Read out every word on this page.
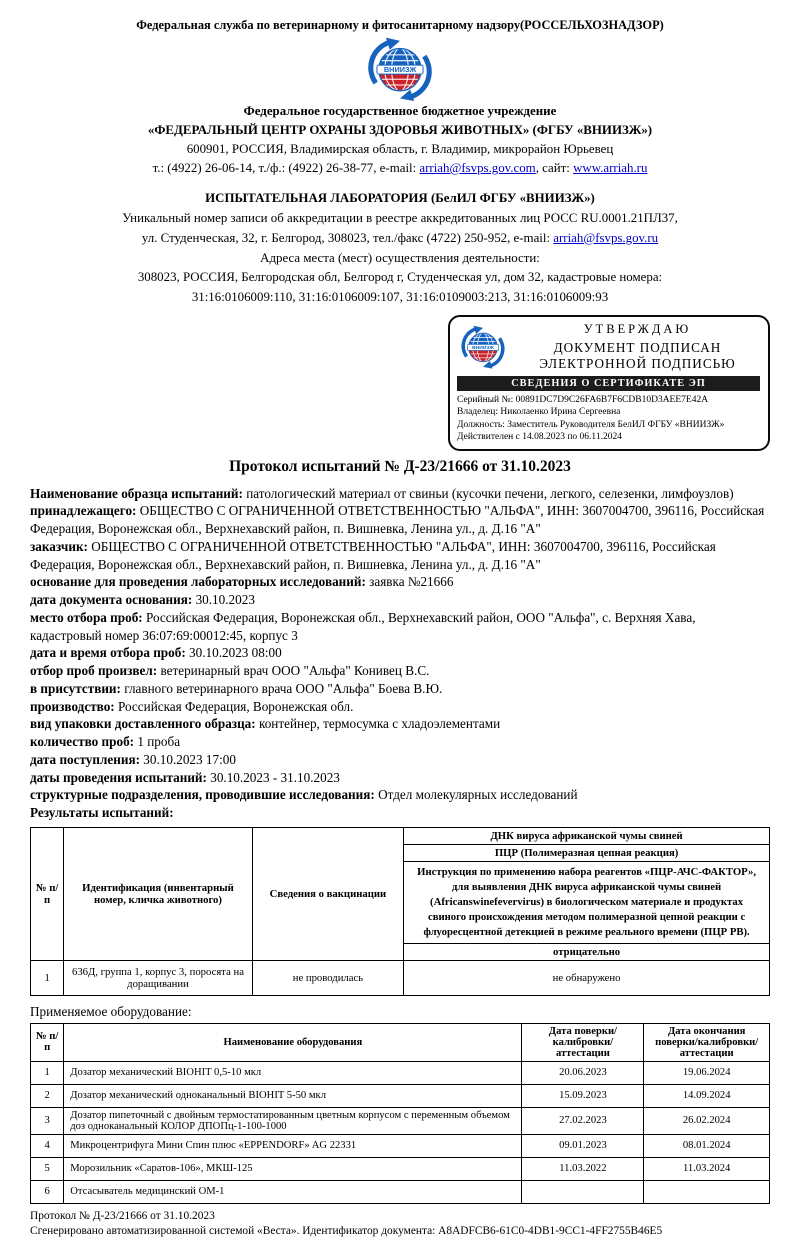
Федеральная служба по ветеринарному и фитосанитарному надзору(РОССЕЛЬХОЗНАДЗОР)
ВНИИЗЖ
Федеральное государственное бюджетное учреждение
«ФЕДЕРАЛЬНЫЙ ЦЕНТР ОХРАНЫ ЗДОРОВЬЯ ЖИВОТНЫХ» (ФГБУ «ВНИИЗЖ»)
600901, РОССИЯ, Владимирская область, г. Владимир, микрорайон Юрьевец
т.: (4922) 26-06-14, т./ф.: (4922) 26-38-77, e-mail: arriah@fsvps.gov.com, сайт: www.arriah.ru
ИСПЫТАТЕЛЬНАЯ ЛАБОРАТОРИЯ (БелИЛ ФГБУ «ВНИИЗЖ»)
Уникальный номер записи об аккредитации в реестре аккредитованных лиц РОСС RU.0001.21ПЛ37,
ул. Студенческая, 32, г. Белгород, 308023, тел./факс (4722) 250-952, e-mail: arriah@fsvps.gov.ru
Адреса места (мест) осуществления деятельности:
308023, РОССИЯ, Белгородская обл, Белгород г, Студенческая ул, дом 32, кадастровые номера:
31:16:0106009:110, 31:16:0106009:107, 31:16:0109003:213, 31:16:0106009:93
ВНИИЗЖ
УТВЕРЖДАЮ
ДОКУМЕНТ ПОДПИСАН
ЭЛЕКТРОННОЙ ПОДПИСЬЮ
СВЕДЕНИЯ О СЕРТИФИКАТЕ ЭП
Серийный №: 00891DC7D9C26FA6B7F6CDB10D3AEE7E42A
Владелец: Николаенко Ирина Сергеевна
Должность: Заместитель Руководителя БелИЛ ФГБУ «ВНИИЗЖ»
Действителен с 14.08.2023 по 06.11.2024
Протокол испытаний № Д-23/21666 от 31.10.2023

Наименование образца испытаний: патологический материал от свиньи (кусочки печени, легкого, селезенки, лимфоузлов)

принадлежащего: ОБЩЕСТВО С ОГРАНИЧЕННОЙ ОТВЕТСТВЕННОСТЬЮ "АЛЬФА", ИНН: 3607004700, 396116, Российская Федерация, Воронежская обл., Верхнехавский район, п. Вишневка, Ленина ул., д. Д.16 "А"

заказчик: ОБЩЕСТВО С ОГРАНИЧЕННОЙ ОТВЕТСТВЕННОСТЬЮ "АЛЬФА", ИНН: 3607004700, 396116, Российская Федерация, Воронежская обл., Верхнехавский район, п. Вишневка, Ленина ул., д. Д.16 "А"

основание для проведения лабораторных исследований: заявка №21666

дата документа основания: 30.10.2023

место отбора проб: Российская Федерация, Воронежская обл., Верхнехавский район, ООО "Альфа", с. Верхняя Хава, кадастровый номер 36:07:69:00012:45, корпус 3

дата и время отбора проб: 30.10.2023 08:00

отбор проб произвел: ветеринарный врач ООО "Альфа" Конивец В.С.

в присутствии: главного ветеринарного врача ООО "Альфа" Боева В.Ю.

производство: Российская Федерация, Воронежская обл.

вид упаковки доставленного образца: контейнер, термосумка с хладоэлементами

количество проб: 1 проба

дата поступления: 30.10.2023 17:00

даты проведения испытаний: 30.10.2023 - 31.10.2023

структурные подразделения, проводившие исследования: Отдел молекулярных исследований

Результаты испытаний:

№ п/п	Идентификация (инвентарный номер, кличка животного)	Сведения о вакцинации	ДНК вируса африканской чумы свиней
			ПЦР (Полимеразная цепная реакция)
			Инструкция по применению набора реагентов «ПЦР-АЧС-ФАКТОР», для выявления ДНК вируса африканской чумы свиней (Africanswinefevervirus) в биологическом материале и продуктах свиного происхождения методом полимеразной цепной реакции с флуоресцентной детекцией в режиме реального времени (ПЦР РВ).
			отрицательно
1	636Д, группа 1, корпус 3, поросята на доращивании	не проводилась	не обнаружено
Применяемое оборудование:
№ п/п	Наименование оборудования	Дата поверки/калибровки/аттестации	Дата окончания поверки/калибровки/аттестации
1	Дозатор механический BIOHIT 0,5-10 мкл	20.06.2023	19.06.2024
2	Дозатор механический одноканальный BIOHIT 5-50 мкл	15.09.2023	14.09.2024
3	Дозатор пипеточный с двойным термостатированным цветным корпусом с переменным объемом доз одноканальный КОЛОР ДПОПц-1-100-1000	27.02.2023	26.02.2024
4	Микроцентрифуга Мини Спин плюс «EPPENDORF» AG 22331	09.01.2023	08.01.2024
5	Морозильник «Саратов-106», МКШ-125	11.03.2022	11.03.2024
6	Отсасыватель медицинский ОМ-1		

Протокол № Д-23/21666 от 31.10.2023

Сгенерировано автоматизированной системой «Веста». Идентификатор документа: A8ADFCB6-61C0-4DB1-9CC1-4FF2755B46E5
